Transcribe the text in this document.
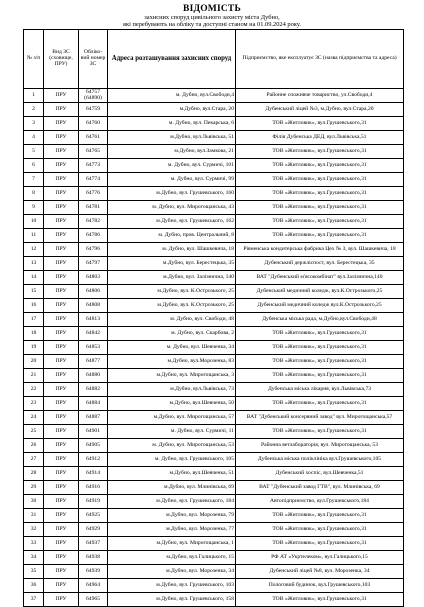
ВІДОМІСТЬ
захисних споруд цивільного захисту міста Дубно,
які перебувають на обліку та доступні станом на 01.09.2024 року.
№ з/п	Вид ЗС (сховище, ПРУ)	Обліко-вий номер ЗС	Адреса розташування захисних споруд	Підприємство, яке експлуатує ЗС (назва підприємства та адреса)
1	ПРУ	64757 (64890)	м. Дубно, вул.Свободи,4	Районне споживче товариство, ул.Свободи,4
2	ПРУ	64759	м.Дубно, вул.Стара, 20	Дубенський ліцей №3, м.Дубно, вул.Стара,20
3	ПРУ	64760	м. Дубно, вул. Пекарська, 6	ТОВ «Житловик», вул.Грушевського,31
4	ПРУ	64761	м.Дубно, вул.Львівська, 51	Філія Дубенська ДЕД, вул.Львівська,51
5	ПРУ	64765	м.Дубно, вул.Замкова, 21	ТОВ «Житловик», вул.Грушевського,31
6	ПРУ	64773	м. Дубно, вул. Сурмичі, 101	ТОВ «Житловик», вул.Грушевського,31
7	ПРУ	64774	м. Дубно, вул. Сурмичі, 99	ТОВ «Житловик», вул.Грушевського,31
8	ПРУ	64776	м.Дубно, вул. Грушевського, 160	ТОВ «Житловик», вул.Грушевського,31
9	ПРУ	64781	м. Дубно, вул. Мирогощанська, 43	ТОВ «Житловик», вул.Грушевського,31
10	ПРУ	64782	м.Дубно, вул. Грушевського, 162	ТОВ «Житловик», вул.Грушевського,31
11	ПРУ	64786	м. Дубно, пров. Центральний, 8	ТОВ «Житловик», вул.Грушевського,31
12	ПРУ	64796	м. Дубно, вул. Шашкевича, 18	Рівненська кондитерська фабрика Цех № 3, вул. Шашкевича, 18
13	ПРУ	64797	м.Дубно, вул. Берестецька, 35	Дубенський держліспост, вул. Берестецька, 35
14	ПРУ	64803	м.Дубно, вул. Залізнична, 140	ВАТ "Дубенський м'ясокомбінат" вул.Залізнична,140
15	ПРУ	64806	м.Дубно, вул. К.Острозького, 25	Дубенський медичний коледж, вул.К.Острозького,25
16	ПРУ	64808	м.Дубно, вул. К.Острозького, 25	Дубенський медичний коледж вул.К.Острозького,25
17	ПРУ	64813	м. Дубно, вул. Свободи, 48	Дубенська міська рада, м.Дубно,вул.Свободи,48
18	ПРУ	64842	м. Дубно, вул. Скарбова, 2	ТОВ «Житловик», вул.Грушевського,31
19	ПРУ	64853	м. Дубно, вул. Шевченка, 34	ТОВ «Житловик», вул.Грушевського,31
20	ПРУ	64877	м.Дубно, вул.Морозенка, 83	ТОВ «Житловик», вул.Грушевського,31
21	ПРУ	64880	м.Дубно, вул. Мирогощанська, 3	ТОВ «Житловик», вул.Грушевського,31
22	ПРУ	64882	м.Дубно, вул.Львівська, 73	Дубенська міська лікарня, вул.Львівська,73
23	ПРУ	64884	м.Дубно, вул.Шевченка, 50	ТОВ «Житловик», вул.Грушевського,31
24	ПРУ	64887	м.Дубно, вул. Мирогощанська, 57	ВАТ "Дубенський консервний завод" вул. Мирогощанська,57
25	ПРУ	64901	м. Дубно, вул. Сурмичі, 11	ТОВ «Житловик», вул.Грушевського,31
26	ПРУ	64905	м. Дубно, вул. Мирогощанська, 53	Районна ветлабораторія, вул. Мирогощанська, 53
27	ПРУ	64912	м. Дубно, вул. Грушевського, 105	Дубенська міська поліклініка вул.Грушевського,105
28	ПРУ	64914	м.Дубно, вул.Шевченка, 51	Дубенський хоспіс, вул.Шевченка,51
29	ПРУ	64916	м.Дубно, вул. Млинівська, 69	ВАТ "Дубенський завод ГТВ", вул. Млинівська, 69
30	ПРУ	64919	м.Дубно, вул. Грушевського, 184	Автопідприємство, вул.Грушевського,184
31	ПРУ	64925	м.Дубно, вул. Морозенка, 79	ТОВ «Житловик», вул.Грушевського,31
32	ПРУ	64929	м.Дубно, вул. Морозенка, 77	ТОВ «Житловик», вул.Грушевського,31
33	ПРУ	64937	м.Дубно, вул. Мирогощанська, 1	ТОВ «Житловик», вул.Грушевського,31
34	ПРУ	64938	м.Дубно, вул.Галицького, 15	РФ АТ «Укртелеком», вул.Галицького,15
35	ПРУ	64939	м.Дубно, вул. Морозенка, 34	Дубенський ліцей №8, вул. Морозенка, 34
36	ПРУ	64964	м.Дубно, вул. Грушевського, 103	Пологовий будинок, вул.Грушевського,103
37	ПРУ	64965	м.Дубно, вул. Грушевського, 158	ТОВ «Житловик», вул.Грушевського,31
